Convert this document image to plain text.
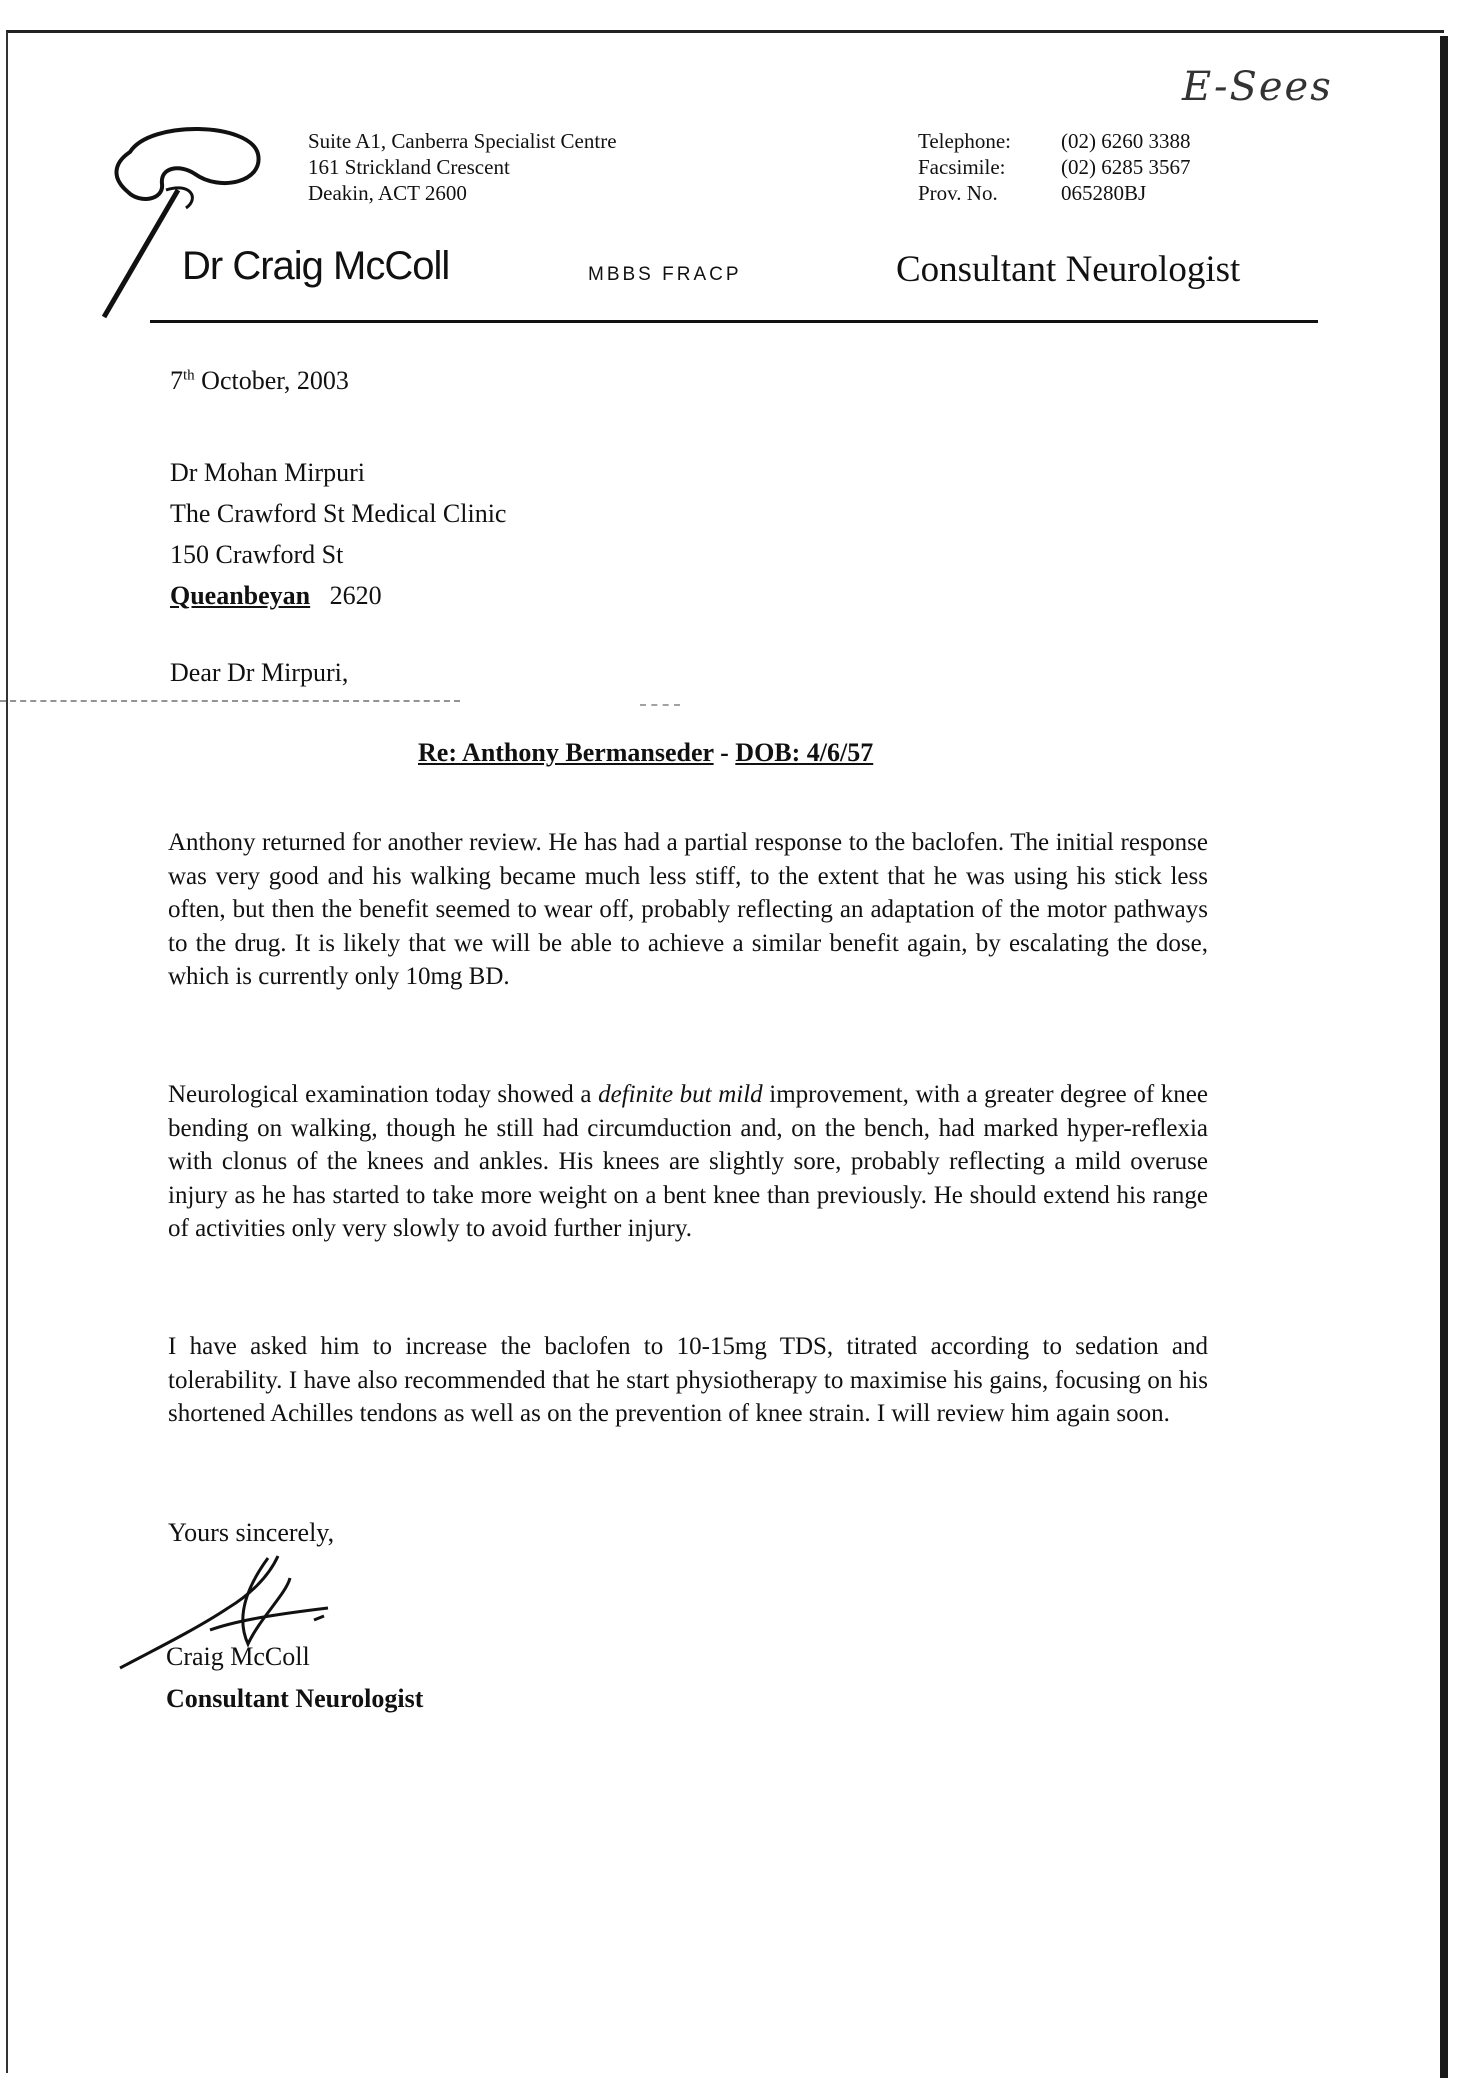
E-Sees
Suite A1, Canberra Specialist Centre
161 Strickland Crescent
Deakin, ACT 2600
Telephone:	(02) 6260 3388
Facsimile:	(02) 6285 3567
Prov. No.	065280BJ
Dr Craig McColl	MBBS FRACP	Consultant Neurologist
7th October, 2003
Dr Mohan Mirpuri
The Crawford St Medical Clinic
150 Crawford St
Queanbeyan 2620
Dear Dr Mirpuri,
Re: Anthony Bermanseder - DOB: 4/6/57
Anthony returned for another review. He has had a partial response to the baclofen. The initial response was very good and his walking became much less stiff, to the extent that he was using his stick less often, but then the benefit seemed to wear off, probably reflecting an adaptation of the motor pathways to the drug. It is likely that we will be able to achieve a similar benefit again, by escalating the dose, which is currently only 10mg BD.
Neurological examination today showed a definite but mild improvement, with a greater degree of knee bending on walking, though he still had circumduction and, on the bench, had marked hyper-reflexia with clonus of the knees and ankles. His knees are slightly sore, probably reflecting a mild overuse injury as he has started to take more weight on a bent knee than previously. He should extend his range of activities only very slowly to avoid further injury.
I have asked him to increase the baclofen to 10-15mg TDS, titrated according to sedation and tolerability. I have also recommended that he start physiotherapy to maximise his gains, focusing on his shortened Achilles tendons as well as on the prevention of knee strain. I will review him again soon.
Yours sincerely,
Craig McColl
Consultant Neurologist
